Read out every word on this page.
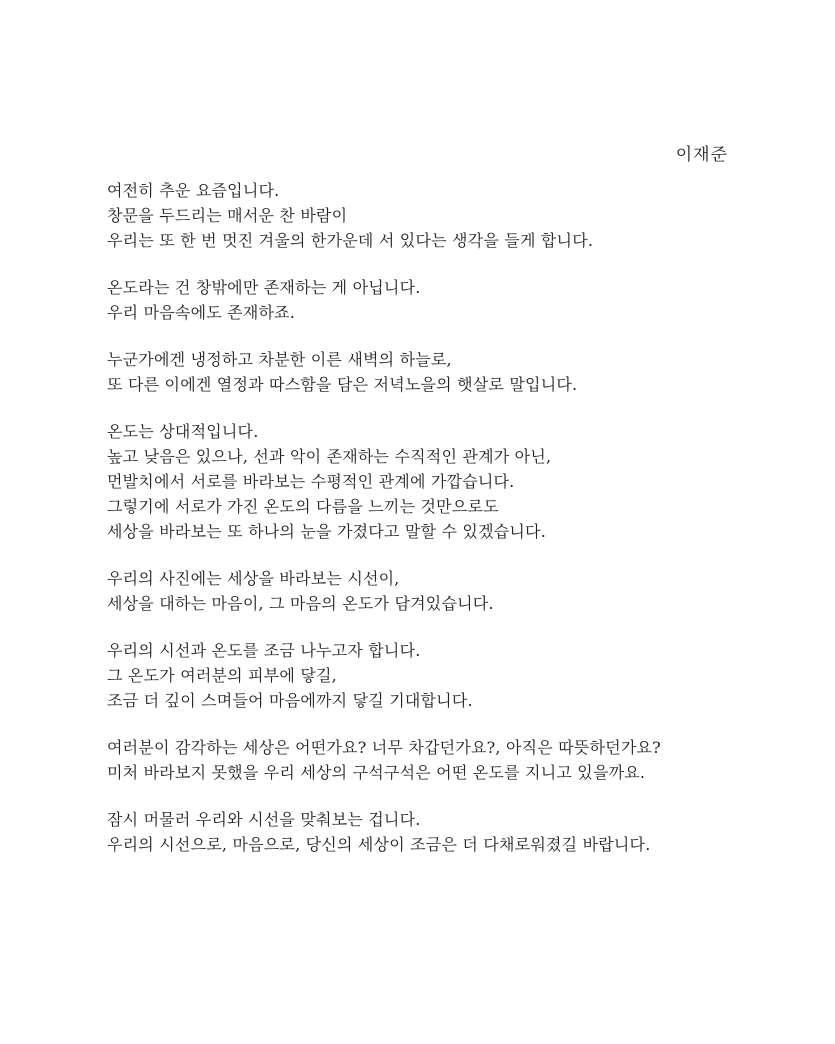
이재준

여전히 추운 요즘입니다.
창문을 두드리는 매서운 찬 바람이
우리는 또 한 번 멋진 겨울의 한가운데 서 있다는 생각을 들게 합니다.

온도라는 건 창밖에만 존재하는 게 아닙니다.
우리 마음속에도 존재하죠.

누군가에겐 냉정하고 차분한 이른 새벽의 하늘로,
또 다른 이에겐 열정과 따스함을 담은 저녁노을의 햇살로 말입니다.

온도는 상대적입니다.
높고 낮음은 있으나, 선과 악이 존재하는 수직적인 관계가 아닌,
먼발치에서 서로를 바라보는 수평적인 관계에 가깝습니다.
그렇기에 서로가 가진 온도의 다름을 느끼는 것만으로도
세상을 바라보는 또 하나의 눈을 가졌다고 말할 수 있겠습니다.

우리의 사진에는 세상을 바라보는 시선이,
세상을 대하는 마음이, 그 마음의 온도가 담겨있습니다.

우리의 시선과 온도를 조금 나누고자 합니다.
그 온도가 여러분의 피부에 닿길,
조금 더 깊이 스며들어 마음에까지 닿길 기대합니다.

여러분이 감각하는 세상은 어떤가요? 너무 차갑던가요?, 아직은 따뜻하던가요?
미처 바라보지 못했을 우리 세상의 구석구석은 어떤 온도를 지니고 있을까요.

잠시 머물러 우리와 시선을 맞춰보는 겁니다.
우리의 시선으로, 마음으로, 당신의 세상이 조금은 더 다채로워졌길 바랍니다.
